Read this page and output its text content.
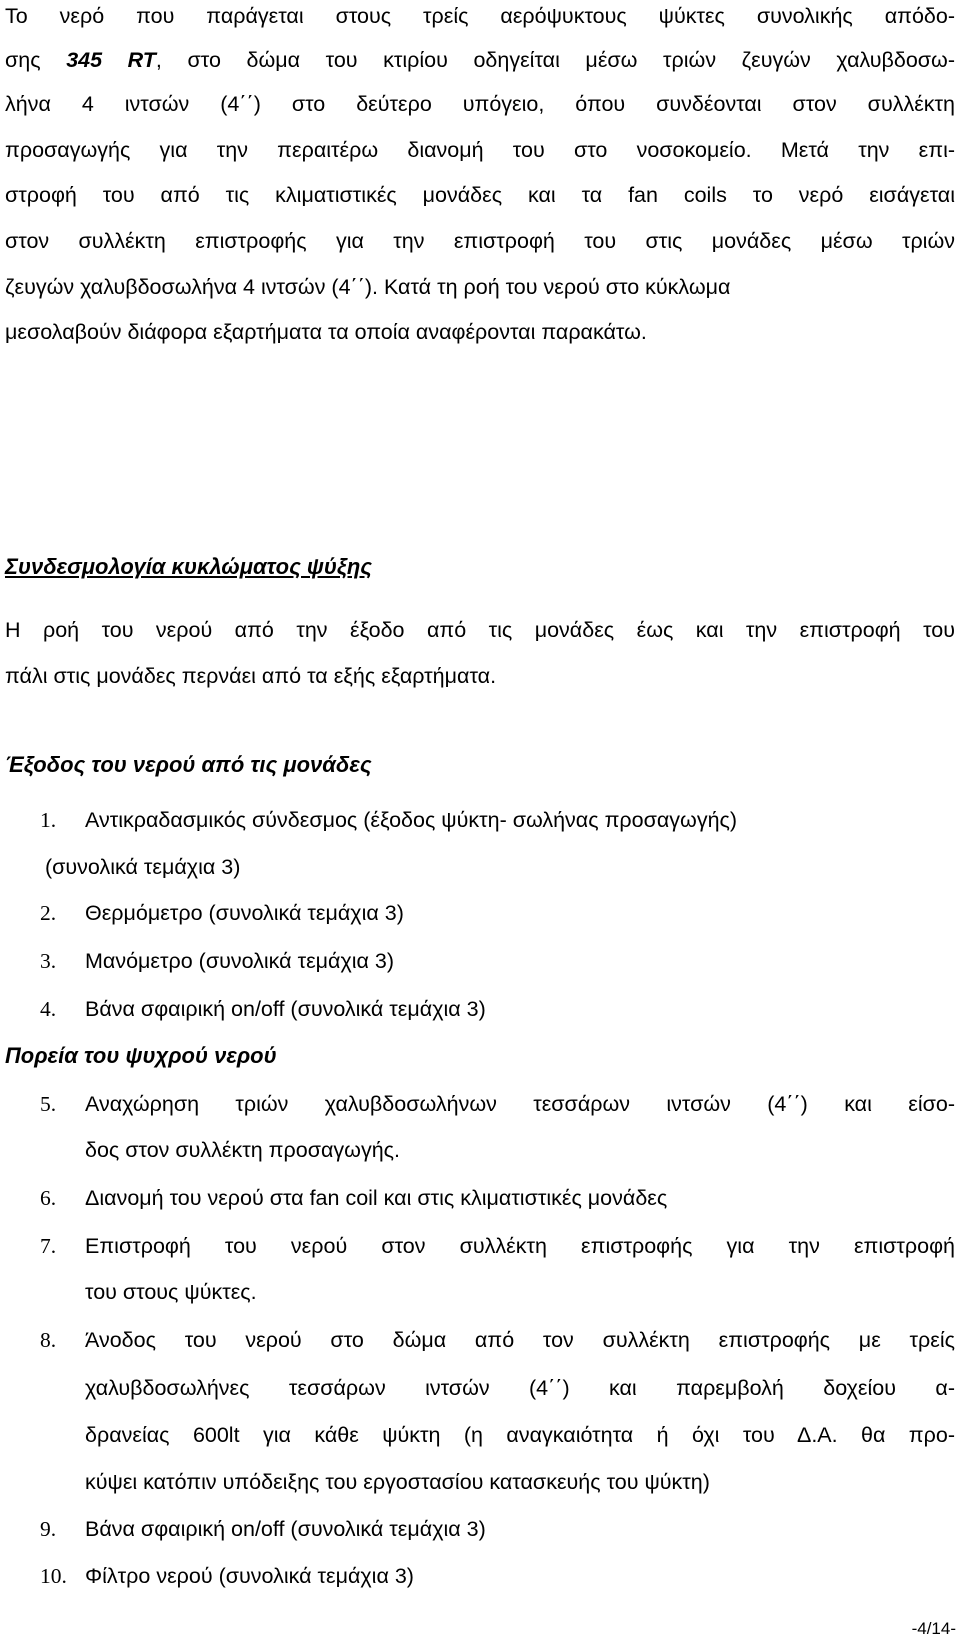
Το νερό που παράγεται στους τρείς αερόψυκτους ψύκτες συνολικής απόδο-
σης 345 RT, στο δώμα του κτιρίου οδηγείται μέσω τριών ζευγών χαλυβδοσω-
λήνα 4 ιντσών (4΄΄) στο δεύτερο υπόγειο, όπου συνδέονται στον συλλέκτη
προσαγωγής για την περαιτέρω διανομή του στο νοσοκομείο. Μετά την επι-
στροφή του από τις κλιματιστικές μονάδες και τα fan coils το νερό εισάγεται
στον συλλέκτη επιστροφής για την επιστροφή του στις μονάδες μέσω τριών
ζευγών χαλυβδοσωλήνα 4 ιντσών (4΄΄). Κατά τη ροή του νερού στο κύκλωμα
μεσολαβούν διάφορα εξαρτήματα τα οποία αναφέρονται παρακάτω.
Συνδεσμολογία κυκλώματος ψύξης
Η ροή του νερού από την έξοδο από τις μονάδες έως και την επιστροφή του
πάλι στις μονάδες περνάει από τα εξής εξαρτήματα.
Έξοδος του νερού από τις μονάδες
1. Αντικραδασμικός σύνδεσμος (έξοδος ψύκτη- σωλήνας προσαγωγής)
(συνολικά τεμάχια 3)
2. Θερμόμετρο (συνολικά τεμάχια 3)
3. Μανόμετρο (συνολικά τεμάχια 3)
4. Βάνα σφαιρική on/off (συνολικά τεμάχια 3)
Πορεία του ψυχρού νερού
5. Αναχώρηση τριών χαλυβδοσωλήνων τεσσάρων ιντσών (4΄΄) και είσο-
δος στον συλλέκτη προσαγωγής.
6. Διανομή του νερού στα fan coil και στις κλιματιστικές μονάδες
7. Επιστροφή του νερού στον συλλέκτη επιστροφής για την επιστροφή
του στους ψύκτες.
8. Άνοδος του νερού στο δώμα από τον συλλέκτη επιστροφής με τρείς
χαλυβδοσωλήνες τεσσάρων ιντσών (4΄΄) και παρεμβολή δοχείου α-
δρανείας 600lt για κάθε ψύκτη (η αναγκαιότητα ή όχι του Δ.Α. θα προ-
κύψει κατόπιν υπόδειξης του εργοστασίου κατασκευής του ψύκτη)
9. Βάνα σφαιρική on/off (συνολικά τεμάχια 3)
10. Φίλτρο νερού (συνολικά τεμάχια 3)
-4/14-
